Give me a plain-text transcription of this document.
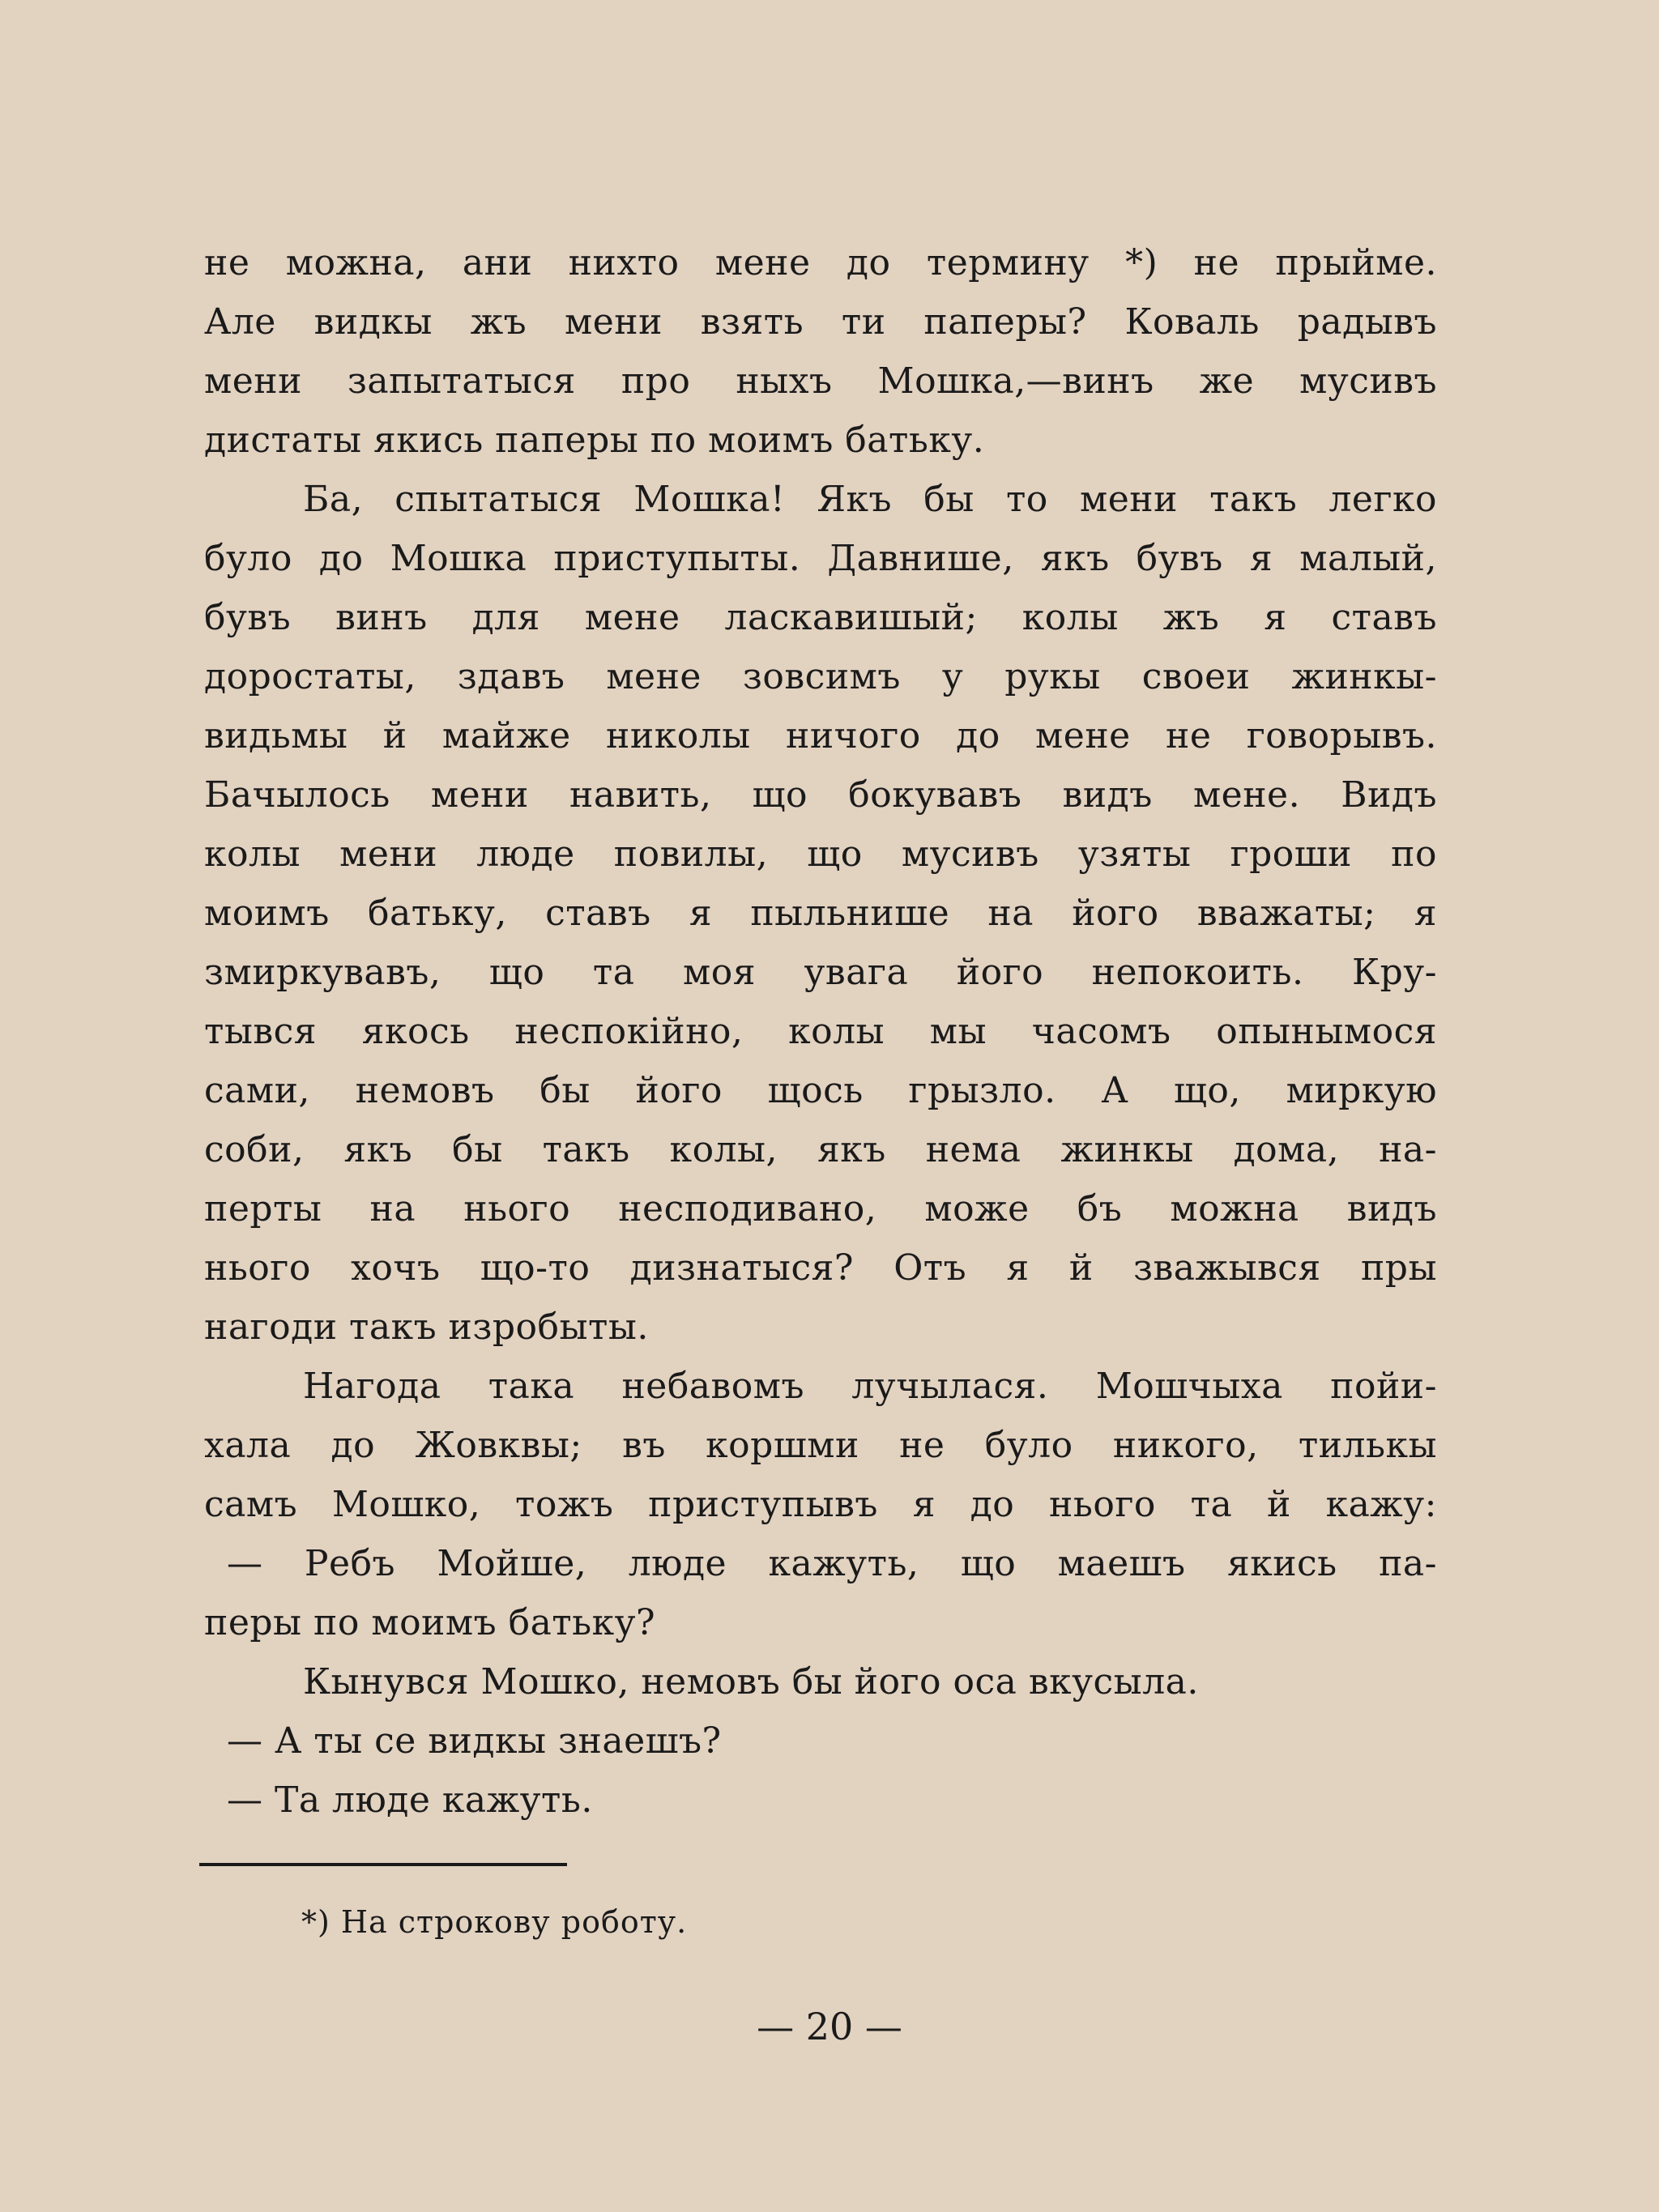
не можна, ани нихто мене до термину *) не прыйме.
Але видкы жъ мени взять ти паперы? Коваль радывъ
мени запытатыся про ныхъ Мошка,—винъ же мусивъ
дистаты якись паперы по моимъ батьку.
Ба, спытатыся Мошка! Якъ бы то мени такъ легко
було до Мошка приступыты. Давнише, якъ бувъ я малый,
бувъ винъ для мене ласкавишый; колы жъ я ставъ
доростаты, здавъ мене зовсимъ у рукы своеи жинкы-
видьмы й майже николы ничого до мене не говорывъ.
Бачылось мени навить, що бокувавъ видъ мене. Видъ
колы мени люде повилы, що мусивъ узяты гроши по
моимъ батьку, ставъ я пыльнише на його вважаты; я
змиркувавъ, що та моя увага його непокоить. Кру-
тывся якось неспокійно, колы мы часомъ опынымося
сами, немовъ бы його щось грызло. А що, миркую
соби, якъ бы такъ колы, якъ нема жинкы дома, на-
перты на нього несподивано, може бъ можна видъ
нього хочъ що-то дизнатыся? Отъ я й зважывся пры
нагоди такъ изробыты.
Нагода така небавомъ лучылася. Мошчыха пойи-
хала до Жовквы; въ коршми не було никого, тилькы
самъ Мошко, тожъ приступывъ я до нього та й кажу:
— Ребъ Мойше, люде кажуть, що маешъ якись па-
перы по моимъ батьку?
Кынувся Мошко, немовъ бы його оса вкусыла.
— А ты се видкы знаешъ?
— Та люде кажуть.
*) На строкову роботу.
— 20 —
